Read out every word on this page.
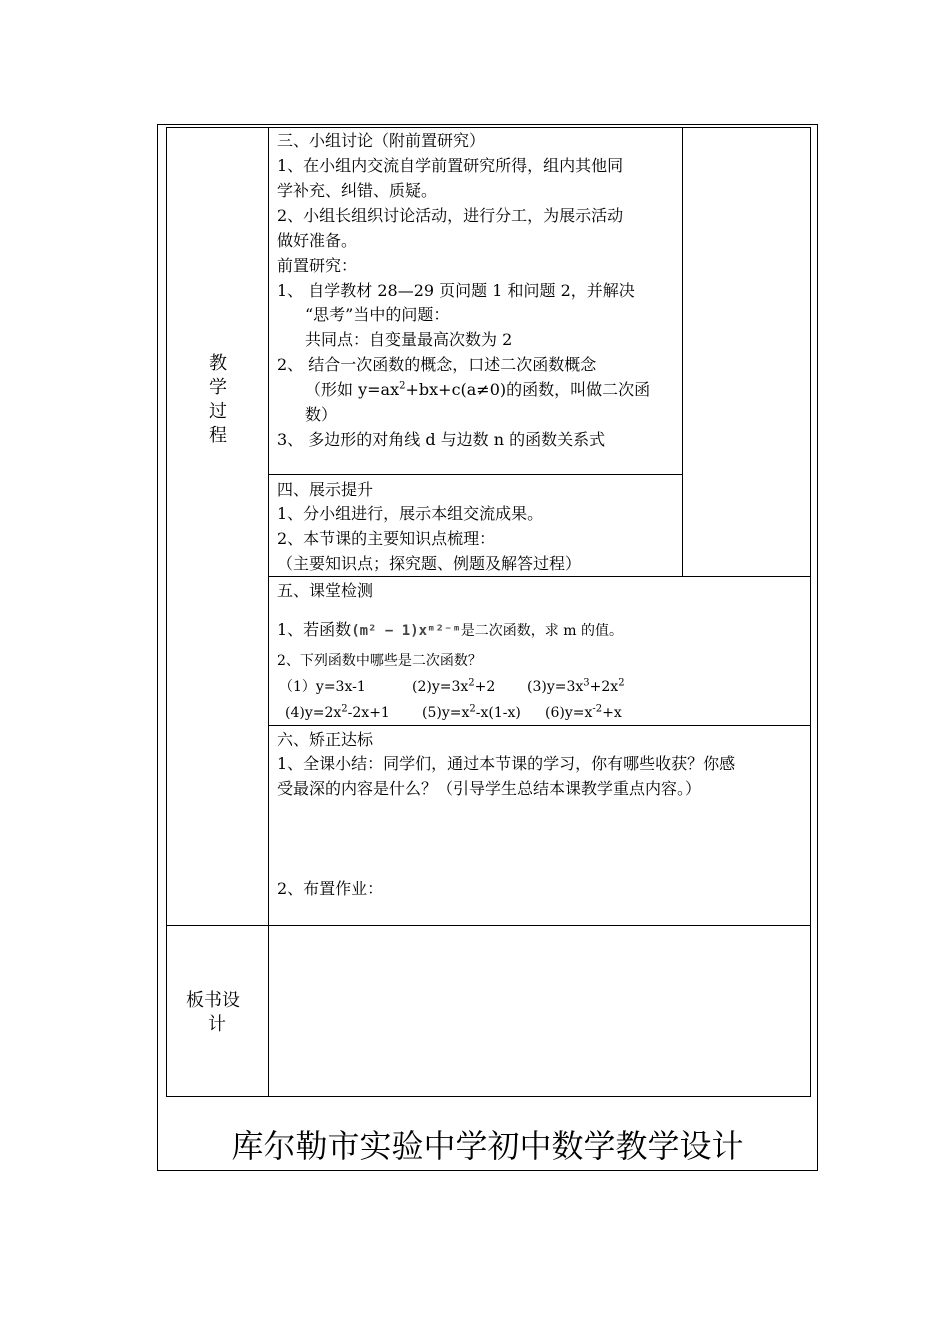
教
学
过
程
板书设
计
三、小组讨论（附前置研究）
1、在小组内交流自学前置研究所得，组内其他同
学补充、纠错、质疑。
2、小组长组织讨论活动，进行分工，为展示活动
做好准备。
前置研究：
1、 自学教材 28—29 页问题 1 和问题 2，并解决
“思考”当中的问题：
共同点：自变量最高次数为 2
2、 结合一次函数的概念，口述二次函数概念
（形如 $y=ax^2+bx+c(a\ne 0)$的函数，叫做二次函
数）
3、 多边形的对角线 d 与边数 n 的函数关系式
四、展示提升
1、分小组进行，展示本组交流成果。
2、本节课的主要知识点梳理：
（主要知识点；探究题、例题及解答过程）
五、课堂检测
1、若函数(m² − 1)xᵐ²⁻ᵐ是二次函数，求 m 的值。
2、下列函数中哪些是二次函数？
（1）y=3x-1	$(2)y=3x^2+2$ $(3)y=3x^3+2x^2$
$(4)y=2x^2-2x+1$ $(5)y=x^2-x(1-x)$ $(6)y=x^{-2}+x$
六、矫正达标
1、全课小结：同学们，通过本节课的学习，你有哪些收获？你感
受最深的内容是什么？（引导学生总结本课教学重点内容。）
2、布置作业：
库尔勒市实验中学初中数学教学设计
